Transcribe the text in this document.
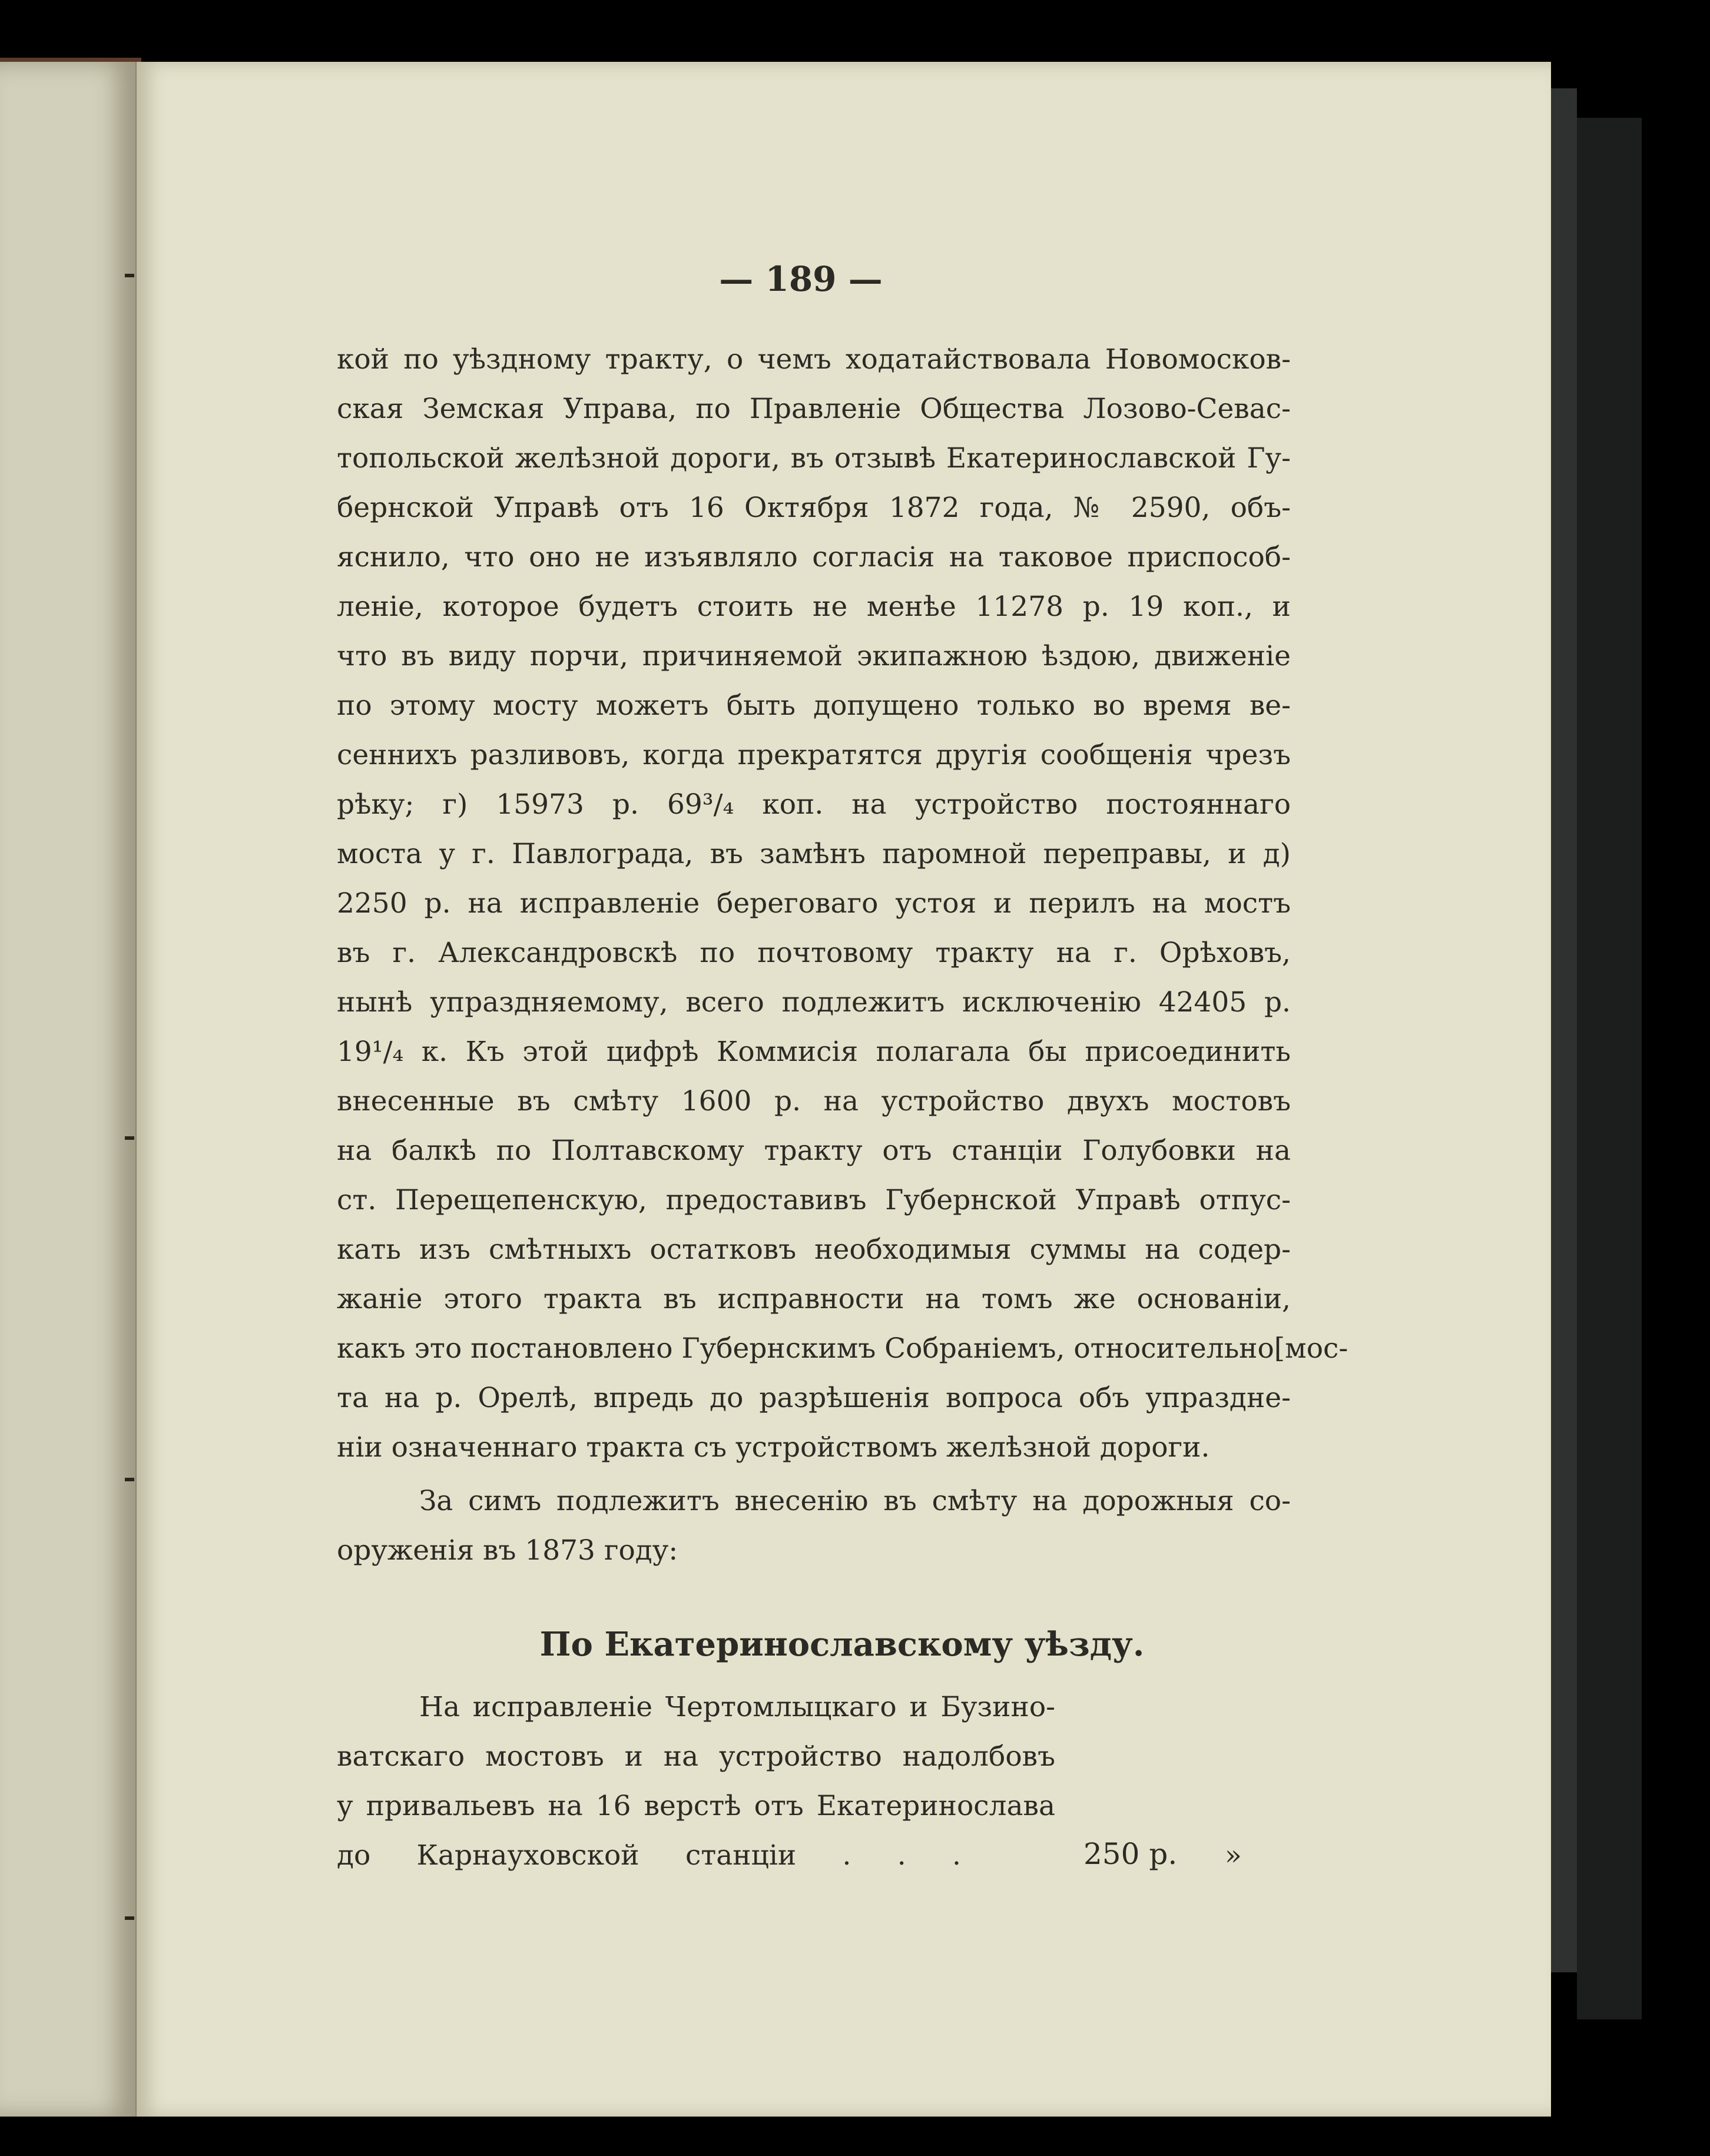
— 189 —
кой по уѣздному тракту, о чемъ ходатайствовала Новомосков-
ская Земская Управа, по Правленіе Общества Лозово-Севас-
топольской желѣзной дороги, въ отзывѣ Екатеринославской Гу-
бернской Управѣ отъ 16 Октября 1872 года, № 2590, объ-
яснило, что оно не изъявляло согласія на таковое приспособ-
леніе, которое будетъ стоить не менѣе 11278 р. 19 коп., и
что въ виду порчи, причиняемой экипажною ѣздою, движеніе
по этому мосту можетъ быть допущено только во время ве-
сеннихъ разливовъ, когда прекратятся другія сообщенія чрезъ
рѣку; г) 15973 р. 69³/₄ коп. на устройство постояннаго
моста у г. Павлограда, въ замѣнъ паромной переправы, и д)
2250 р. на исправленіе береговаго устоя и перилъ на мостъ
въ г. Александровскѣ по почтовому тракту на г. Орѣховъ,
нынѣ упраздняемому, всего подлежитъ исключенію 42405 р.
19¹/₄ к. Къ этой цифрѣ Коммисія полагала бы присоединить
внесенные въ смѣту 1600 р. на устройство двухъ мостовъ
на балкѣ по Полтавскому тракту отъ станціи Голубовки на
ст. Перещепенскую, предоставивъ Губернской Управѣ отпус-
кать изъ смѣтныхъ остатковъ необходимыя суммы на содер-
жаніе этого тракта въ исправности на томъ же основаніи,
какъ это постановлено Губернскимъ Собраніемъ, относительно[мос-
та на р. Орелѣ, впредь до разрѣшенія вопроса объ упраздне-
ніи означеннаго тракта съ устройствомъ желѣзной дороги.
За симъ подлежитъ внесенію въ смѣту на дорожныя со-
оруженія въ 1873 году:
По Екатеринославскому уѣзду.
На исправленіе Чертомлыцкаго и Бузино-
ватскаго мостовъ и на устройство надолбовъ
у привальевъ на 16 верстѣ отъ Екатеринослава
до Карнауховской станціи . . .	250 р. »
